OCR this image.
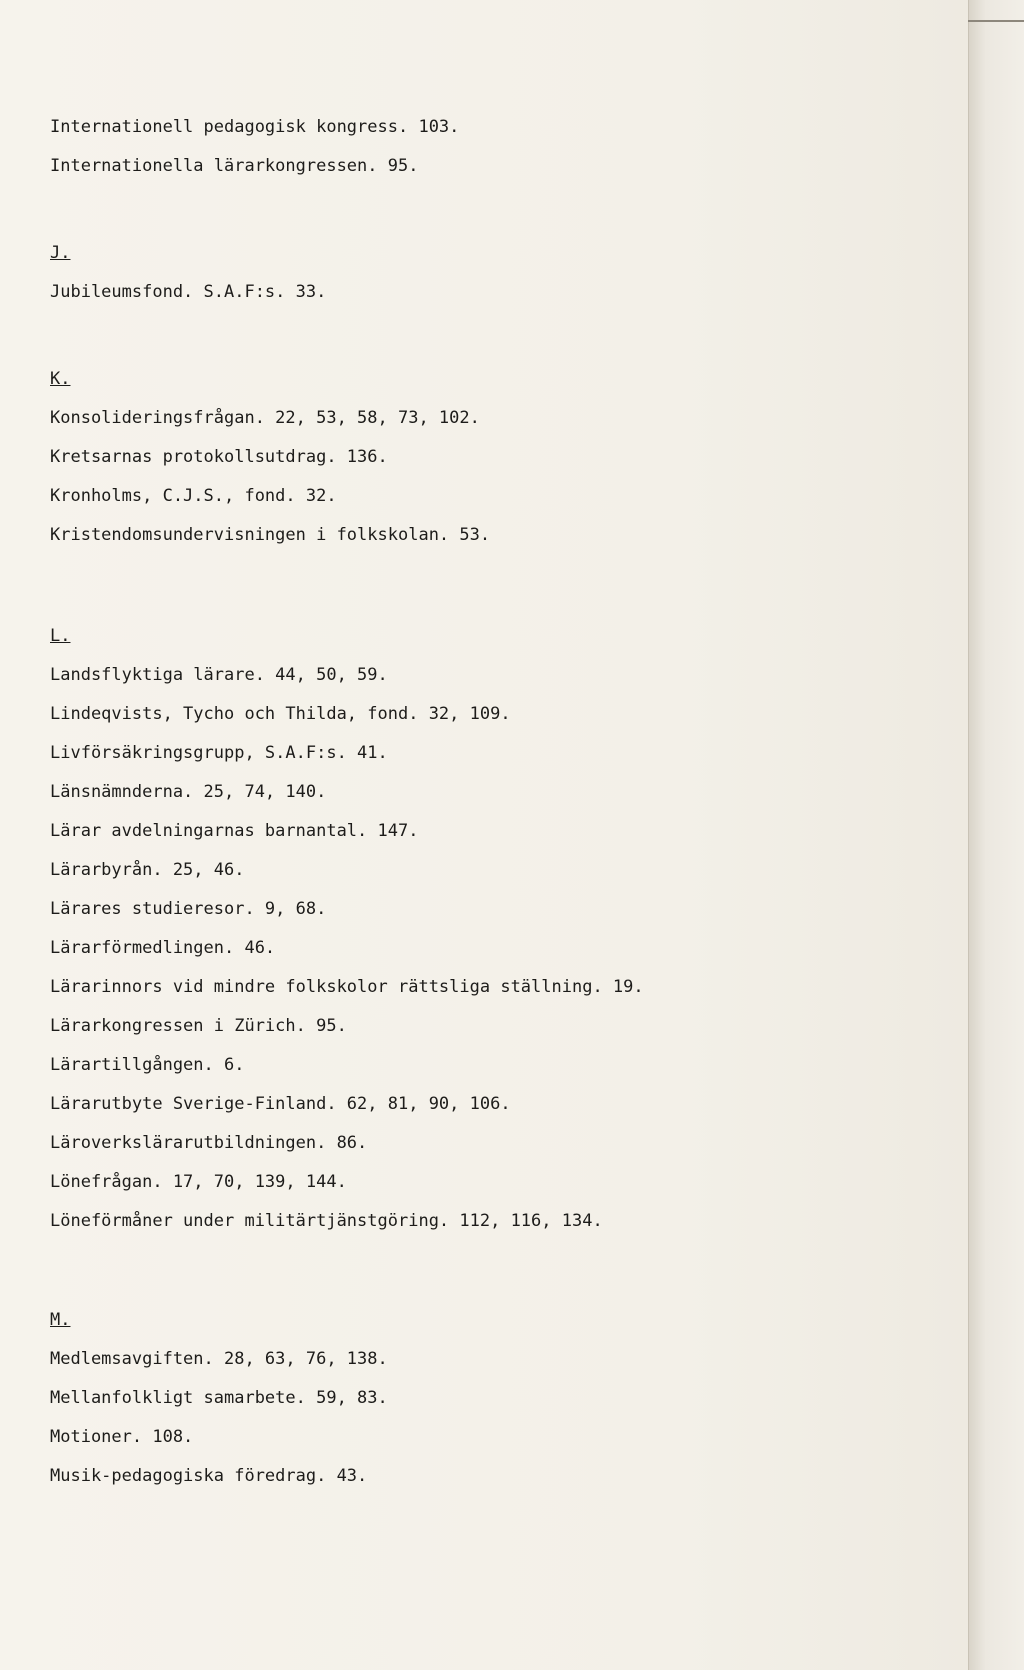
Internationell pedagogisk kongress. 103.
Internationella lärarkongressen. 95.
J.
Jubileumsfond. S.A.F:s. 33.
K.
Konsolideringsfrågan. 22, 53, 58, 73, 102.
Kretsarnas protokollsutdrag. 136.
Kronholms, C.J.S., fond. 32.
Kristendomsundervisningen i folkskolan. 53.
L.
Landsflyktiga lärare. 44, 50, 59.
Lindeqvists, Tycho och Thilda, fond. 32, 109.
Livförsäkringsgrupp, S.A.F:s. 41.
Länsnämnderna. 25, 74, 140.
Lärar avdelningarnas barnantal. 147.
Lärarbyrån. 25, 46.
Lärares studieresor. 9, 68.
Lärarförmedlingen. 46.
Lärarinnors vid mindre folkskolor rättsliga ställning. 19.
Lärarkongressen i Zürich. 95.
Lärartillgången. 6.
Lärarutbyte Sverige-Finland. 62, 81, 90, 106.
Läroverkslärarutbildningen. 86.
Lönefrågan. 17, 70, 139, 144.
Löneförmåner under militärtjänstgöring. 112, 116, 134.
M.
Medlemsavgiften. 28, 63, 76, 138.
Mellanfolkligt samarbete. 59, 83.
Motioner. 108.
Musik-pedagogiska föredrag. 43.
